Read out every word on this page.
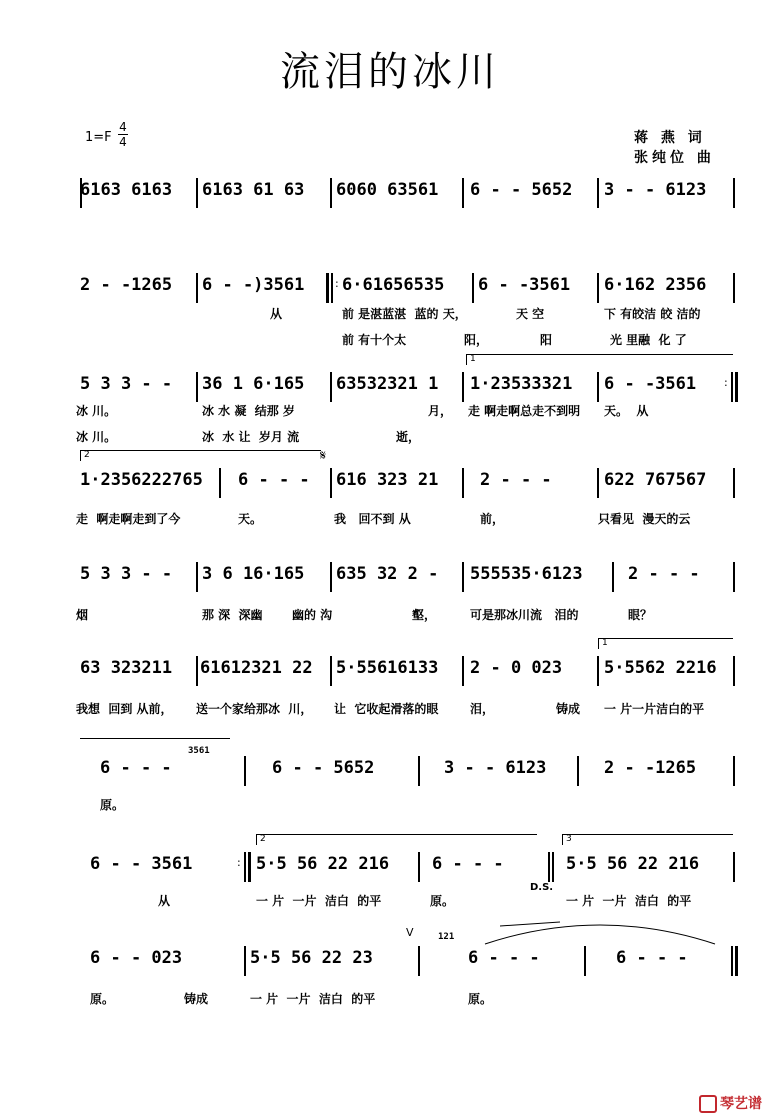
流泪的冰川
1=F
4
4	蒋 燕 词
张纯位 曲
6163 6163 6163 61 63 6060 63561 6 - - 5652 3 - - 6123
2 - -1265 6 - -)3561	: 6·61656535 6 - -3561 6·162 2356
从	前 是湛蓝湛  蓝的 天，	天 空	下 有皎洁 皎 洁的
前 有十个太	阳，	阳	光 里融  化 了
1
5 3 3 - - 36 1 6·165 63532321 1 1·23533321 6 - -3561	:
冰 川。	冰 水 凝  结那 岁	月， 走 啊走啊总走不到明 天。  从
冰 川。	冰  水 让  岁月 流	逝，
2	𝄋
1·2356222765 6 - - - 616 323 21 2 - - -	622 767567
走  啊走啊走到了今	天。	我   回不到 从	前，	只看见  漫天的云
5 3 3 - - 3 6 16·165 635 32 2 - 555535·6123	2 - - -
烟	那 深  深幽 幽的 沟	壑，	可是那冰川流   泪的	眼？
1
63 323211 61612321 22 5·55616133 2 - 0 023 5·5562 2216
我想  回到 从前， 送一个家给那冰  川， 让  它收起滑落的眼	泪，	铸成 一 片一片洁白的平
3561
6 - - -	6 - - 5652	3 - - 6123	2 - -1265
原。
2	3
6 - - 3561	: 5·5 56 22 216	6 - - -
D.S.
5·5 56 22 216
从	一 片  一片  洁白  的平	原。	一 片  一片  洁白  的平
121
V
6 - - 023	5·5 56 22 23	6 - - -	6 - - -
原。	铸成	一 片  一片  洁白  的平	原。
琴艺谱
